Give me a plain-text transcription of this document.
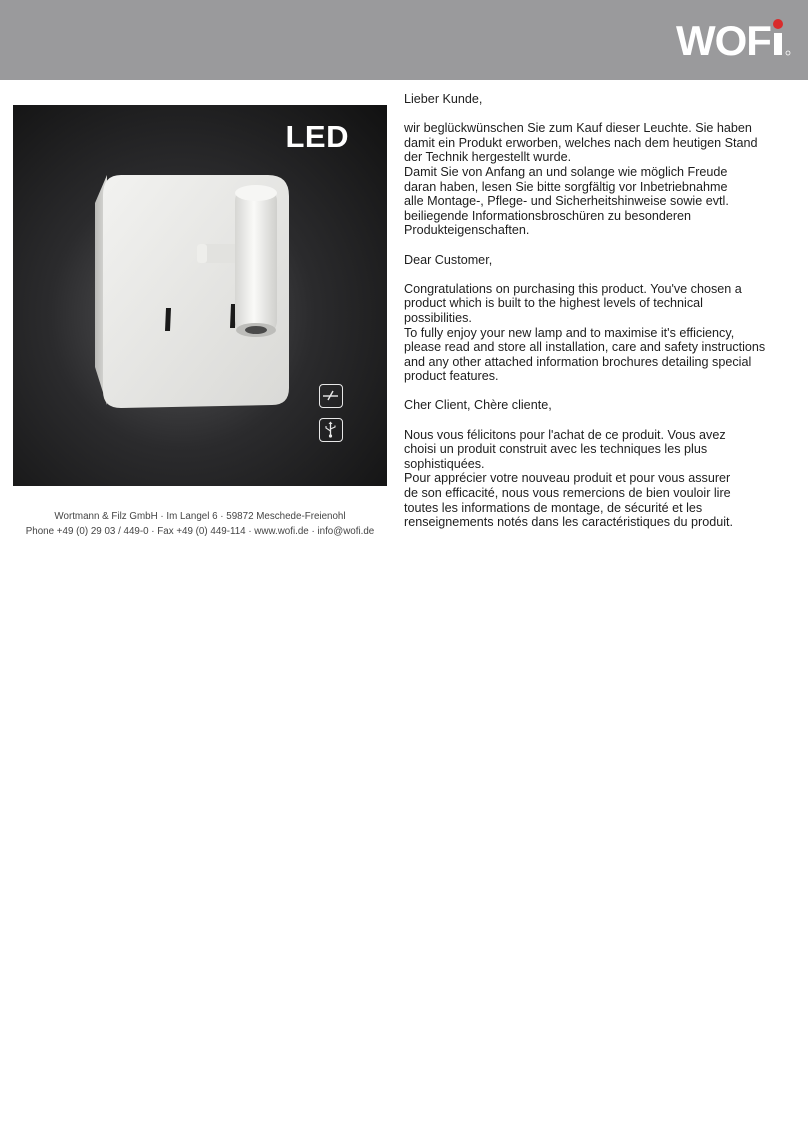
WOF
LED
Wortmann & Filz GmbH · Im Langel 6 · 59872 Meschede-Freienohl
Phone +49 (0) 29 03 / 449-0 · Fax +49 (0) 449-114 · www.wofi.de · info@wofi.de
Lieber Kunde,
wir beglückwünschen Sie zum Kauf dieser Leuchte. Sie haben
damit ein Produkt erworben, welches nach dem heutigen Stand
der Technik hergestellt wurde.
Damit Sie von Anfang an und solange wie möglich Freude
daran haben, lesen Sie bitte sorgfältig vor Inbetriebnahme
alle Montage-, Pflege- und Sicherheitshinweise sowie evtl.
beiliegende Informationsbroschüren zu besonderen
Produkteigenschaften.
Dear Customer,
Congratulations on purchasing this product. You've chosen a
product which is built to the highest levels of technical
possibilities.
To fully enjoy your new lamp and to maximise it's efficiency,
please read and store all installation, care and safety instructions
and any other attached information brochures detailing special
product features.
Cher Client, Chère cliente,
Nous vous félicitons pour l'achat de ce produit. Vous avez
choisi un produit construit avec les techniques les plus
sophistiquées.
Pour apprécier votre nouveau produit et pour vous assurer
de son efficacité, nous vous remercions de bien vouloir lire
toutes les informations de montage, de sécurité et les
renseignements notés dans les caractéristiques du produit.
